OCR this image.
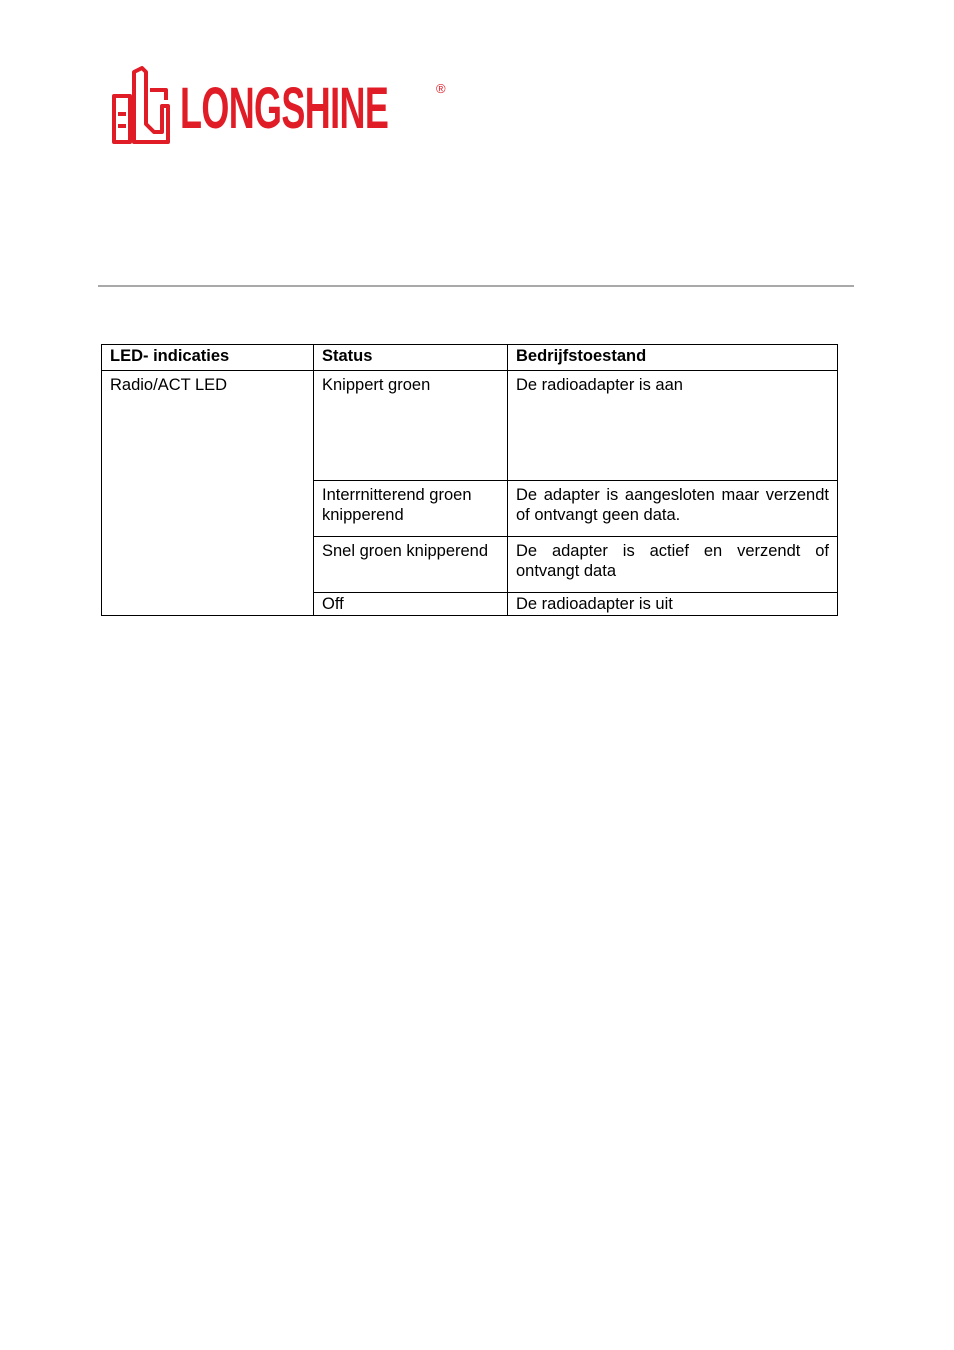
LONGSHINE	®
LED- indicaties	Status	Bedrijfstoestand
Radio/ACT LED	Knippert groen	De radioadapter is aan
	Interrnitterend groen knipperend	De adapter is aangesloten maar verzendt of ontvangt geen data.
	Snel groen knipperend	De adapter is actief en verzendt of ontvangt data
	Off	De radioadapter is uit
